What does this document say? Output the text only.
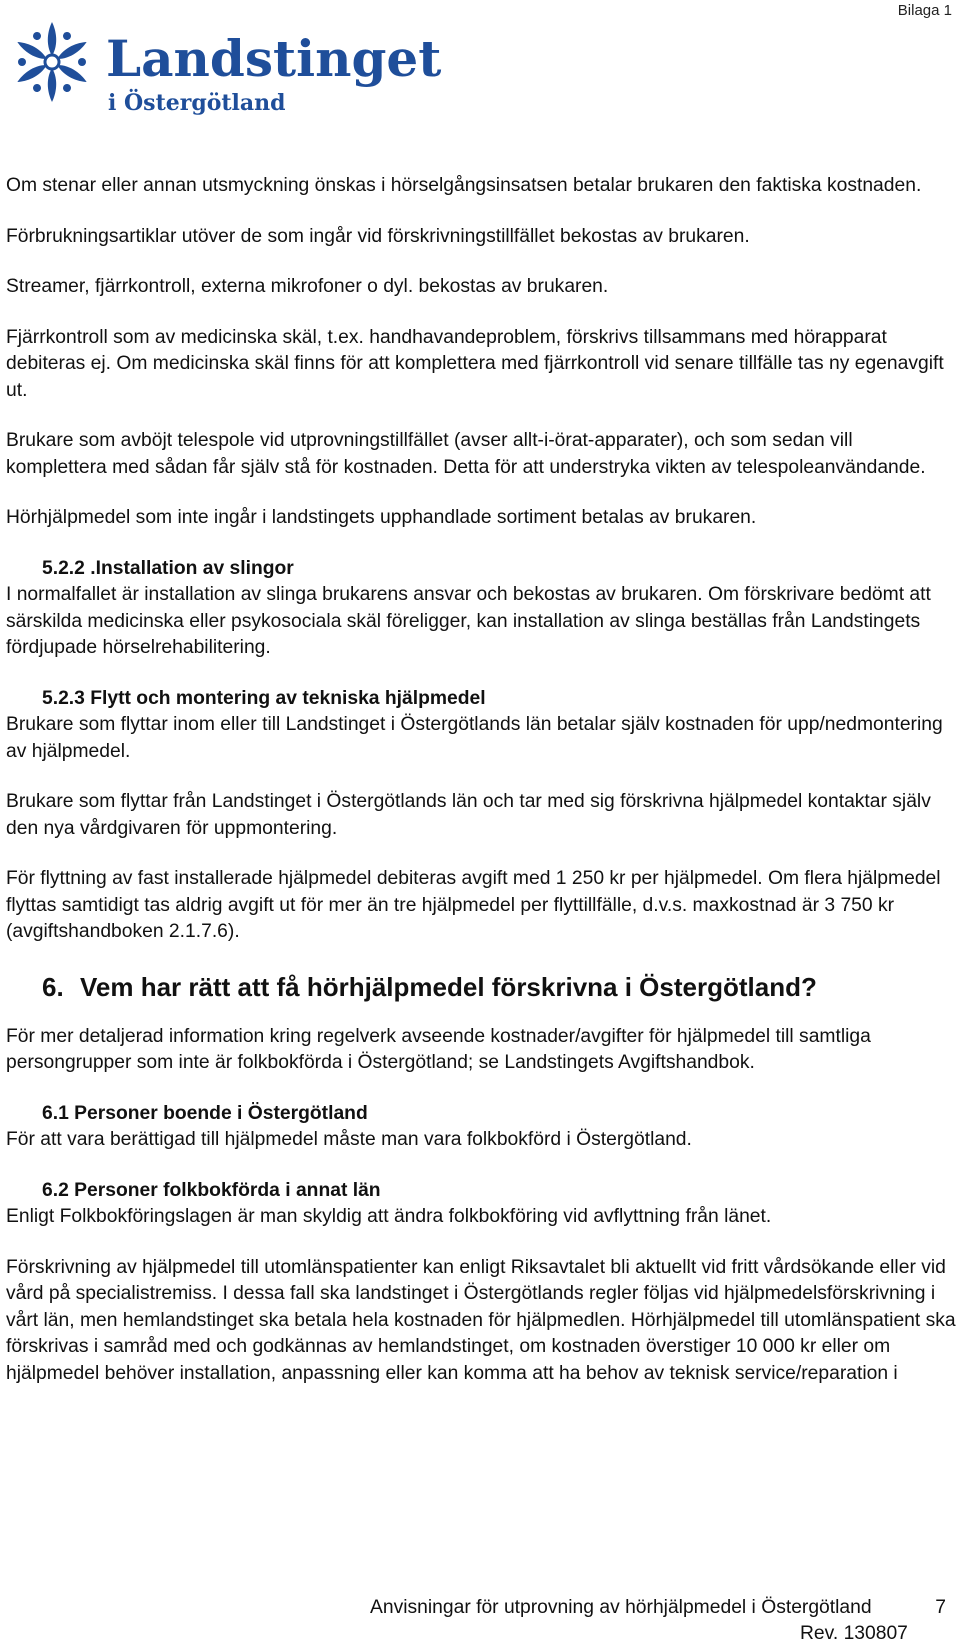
Bilaga 1
Landstinget
i Östergötland

Om stenar eller annan utsmyckning önskas i hörselgångsinsatsen betalar brukaren den faktiska kostnaden.

Förbrukningsartiklar utöver de som ingår vid förskrivningstillfället bekostas av brukaren.

Streamer, fjärrkontroll, externa mikrofoner o dyl. bekostas av brukaren.

Fjärrkontroll som av medicinska skäl, t.ex. handhavandeproblem, förskrivs tillsammans med hörapparat debiteras ej. Om medicinska skäl finns för att komplettera med fjärrkontroll vid senare tillfälle tas ny egenavgift ut.

Brukare som avböjt telespole vid utprovningstillfället (avser allt-i-örat-apparater), och som sedan vill komplettera med sådan får själv stå för kostnaden. Detta för att understryka vikten av telespoleanvändande.

Hörhjälpmedel som inte ingår i landstingets upphandlade sortiment betalas av brukaren.

5.2.2 .Installation av slingor

I normalfallet är installation av slinga brukarens ansvar och bekostas av brukaren. Om förskrivare bedömt att särskilda medicinska eller psykosociala skäl föreligger, kan installation av slinga beställas från Landstingets fördjupade hörselrehabilitering.

5.2.3 Flytt och montering av tekniska hjälpmedel

Brukare som flyttar inom eller till Landstinget i Östergötlands län betalar själv kostnaden för upp/nedmontering av hjälpmedel.

Brukare som flyttar från Landstinget i Östergötlands län och tar med sig förskrivna hjälpmedel kontaktar själv den nya vårdgivaren för uppmontering.

För flyttning av fast installerade hjälpmedel debiteras avgift med 1 250 kr per hjälpmedel. Om flera hjälpmedel flyttas samtidigt tas aldrig avgift ut för mer än tre hjälpmedel per flyttillfälle, d.v.s. maxkostnad är 3 750 kr (avgiftshandboken 2.1.7.6).

6. Vem har rätt att få hörhjälpmedel förskrivna i Östergötland?

För mer detaljerad information kring regelverk avseende kostnader/avgifter för hjälpmedel till samtliga persongrupper som inte är folkbokförda i Östergötland; se Landstingets Avgiftshandbok.

6.1 Personer boende i Östergötland

För att vara berättigad till hjälpmedel måste man vara folkbokförd i Östergötland.

6.2 Personer folkbokförda i annat län

Enligt Folkbokföringslagen är man skyldig att ändra folkbokföring vid avflyttning från länet.

Förskrivning av hjälpmedel till utomlänspatienter kan enligt Riksavtalet bli aktuellt vid fritt vårdsökande eller vid vård på specialistremiss. I dessa fall ska landstinget i Östergötlands regler följas vid hjälpmedelsförskrivning i vårt län, men hemlandstinget ska betala hela kostnaden för hjälpmedlen. Hörhjälpmedel till utomlänspatient ska förskrivas i samråd med och godkännas av hemlandstinget, om kostnaden överstiger 10 000 kr eller om hjälpmedel behöver installation, anpassning eller kan komma att ha behov av teknisk service/reparation i

Anvisningar för utprovning av hörhjälpmedel i Östergötland	7
Rev. 130807
